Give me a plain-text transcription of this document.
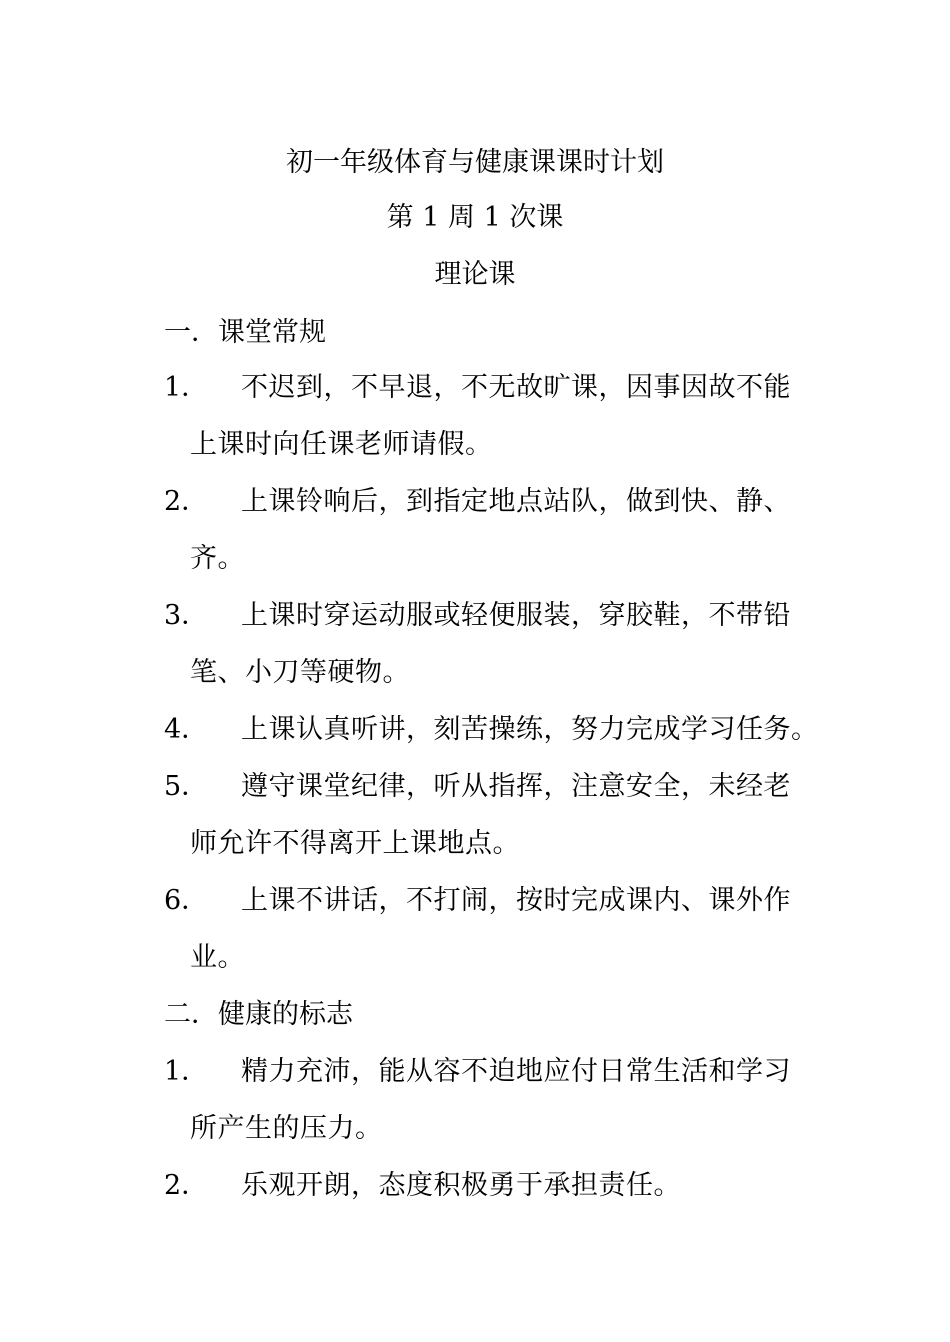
初一年级体育与健康课课时计划
第 1 周 1 次课
理论课
一．课堂常规
1． 不迟到，不早退，不无故旷课，因事因故不能
上课时向任课老师请假。
2． 上课铃响后，到指定地点站队，做到快、静、
齐。
3． 上课时穿运动服或轻便服装，穿胶鞋，不带铅
笔、小刀等硬物。
4． 上课认真听讲，刻苦操练，努力完成学习任务。
5． 遵守课堂纪律，听从指挥，注意安全，未经老
师允许不得离开上课地点。
6． 上课不讲话，不打闹，按时完成课内、课外作
业。
二．健康的标志
1． 精力充沛，能从容不迫地应付日常生活和学习
所产生的压力。
2． 乐观开朗，态度积极勇于承担责任。
